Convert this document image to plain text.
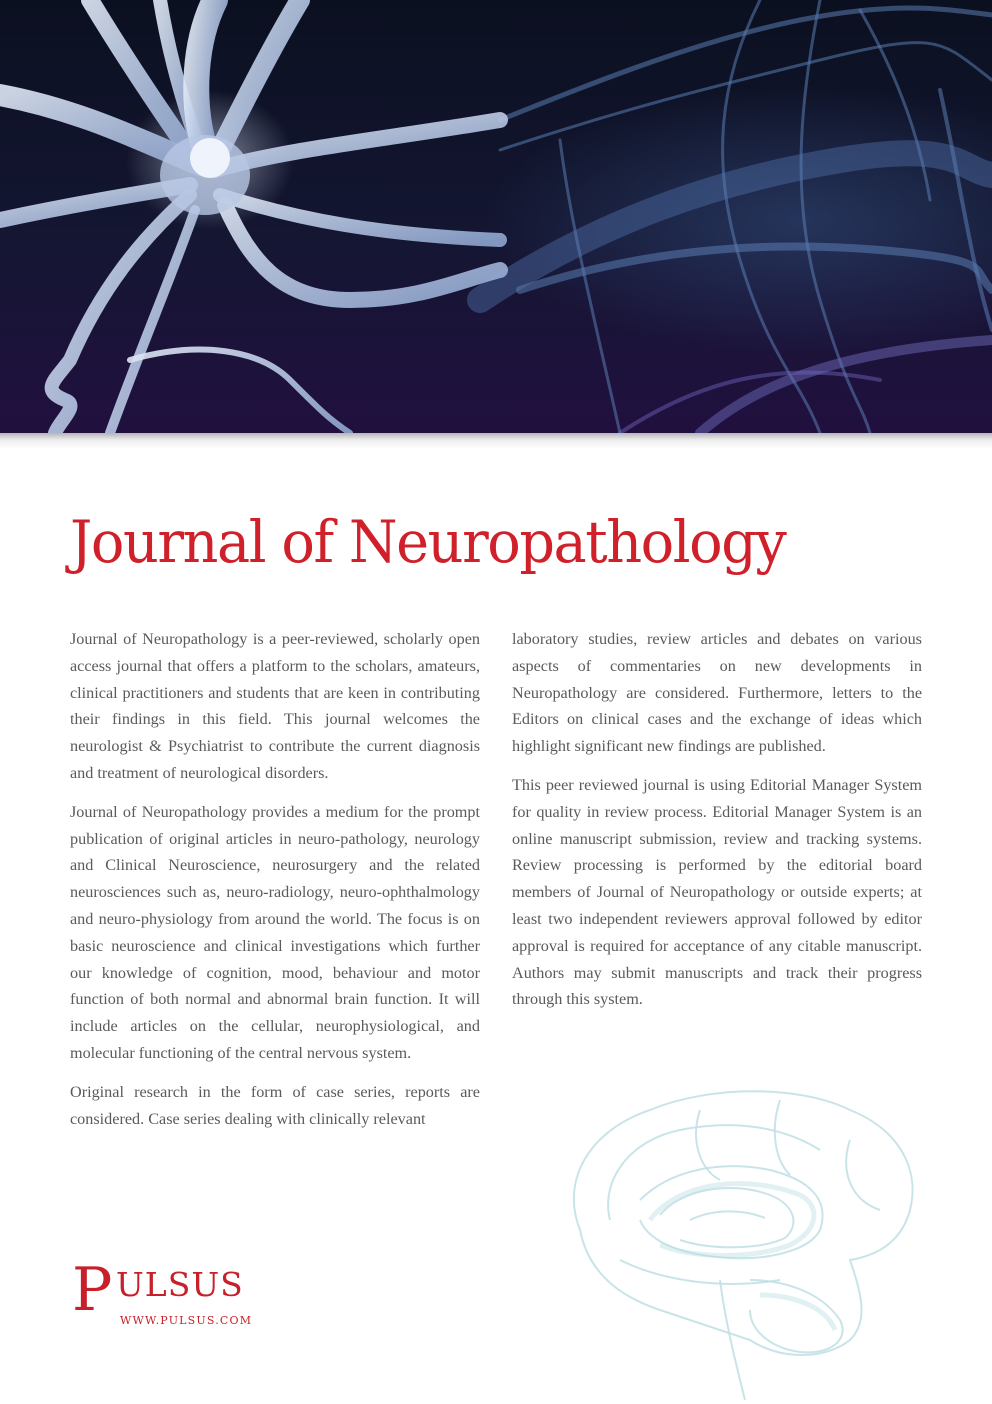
Journal of Neuropathology

Journal of Neuropathology is a peer-reviewed, scholarly open access journal that offers a platform to the scholars, amateurs, clinical practitioners and students that are keen in contributing their findings in this field. This journal welcomes the neurologist & Psychiatrist to contribute the current diagnosis and treatment of neurological disorders.

Journal of Neuropathology provides a medium for the prompt publication of original articles in neuro-pathology, neurology and Clinical Neuroscience, neurosurgery and the related neurosciences such as, neuro-radiology, neuro-ophthalmology and neuro-physiology from around the world. The focus is on basic neuroscience and clinical investigations which further our knowledge of cognition, mood, behaviour and motor function of both normal and abnormal brain function. It will include articles on the cellular, neurophysiological, and molecular functioning of the central nervous system.

Original research in the form of case series, reports are considered. Case series dealing with clinically relevant

laboratory studies, review articles and debates on various aspects of commentaries on new developments in Neuropathology are considered. Furthermore, letters to the Editors on clinical cases and the exchange of ideas which highlight significant new findings are published.

This peer reviewed journal is using Editorial Manager System for quality in review process. Editorial Manager System is an online manuscript submission, review and tracking systems. Review processing is performed by the editorial board members of Journal of Neuropathology or outside experts; at least two independent reviewers approval followed by editor approval is required for acceptance of any citable manuscript. Authors may submit manuscripts and track their progress through this system.

P ULSUS
WWW.PULSUS.COM
